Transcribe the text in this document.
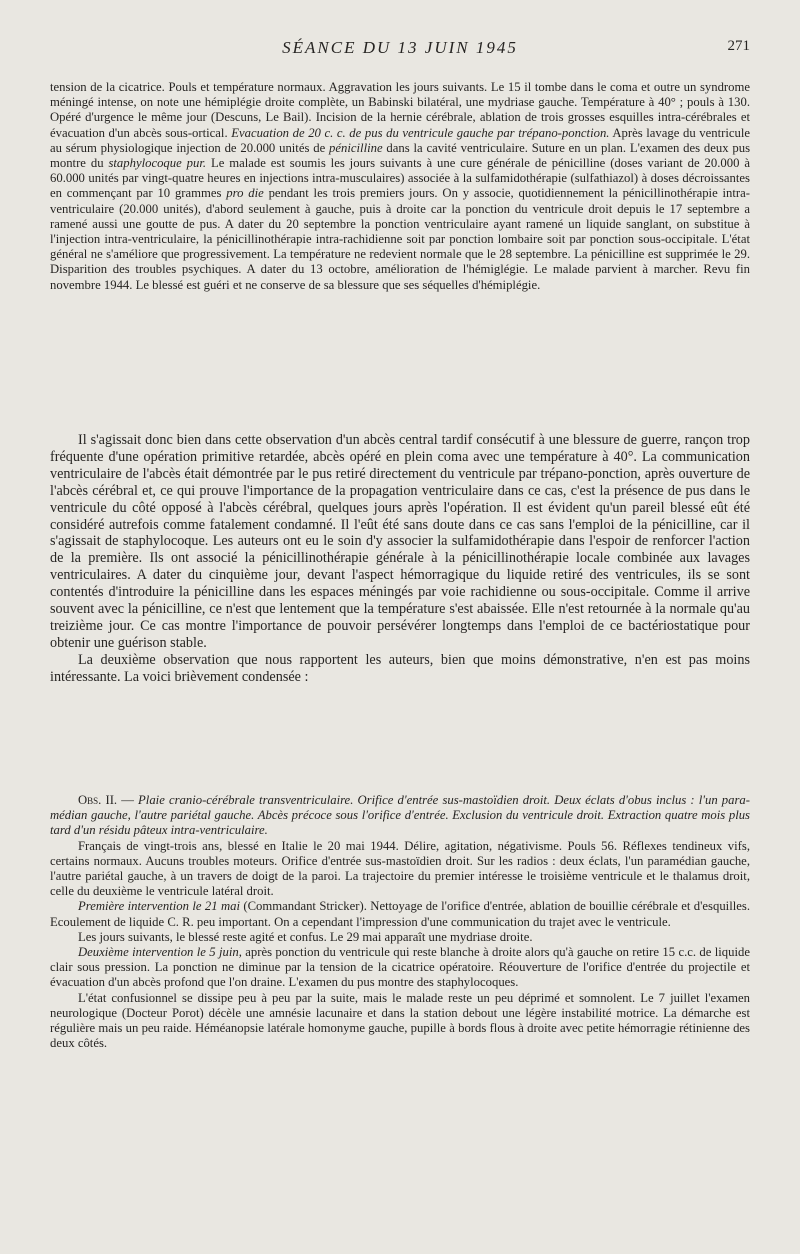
SÉANCE DU 13 JUIN 1945	271

tension de la cicatrice. Pouls et température normaux. Aggravation les jours suivants. Le 15 il tombe dans le coma et outre un syndrome méningé intense, on note une hémiplégie droite complète, un Babinski bilatéral, une mydriase gauche. Température à 40° ; pouls à 130. Opéré d'urgence le même jour (Descuns, Le Bail). Incision de la hernie cérébrale, ablation de trois grosses esquilles intra-cérébrales et évacuation d'un abcès sous-ortical. Evacuation de 20 c. c. de pus du ventricule gauche par trépano-ponction. Après lavage du ventricule au sérum physiologique injection de 20.000 unités de pénicilline dans la cavité ventriculaire. Suture en un plan. L'examen des deux pus montre du staphylocoque pur. Le malade est soumis les jours suivants à une cure générale de pénicilline (doses variant de 20.000 à 60.000 unités par vingt-quatre heures en injections intra-musculaires) associée à la sulfamidothérapie (sulfathiazol) à doses décroissantes en commençant par 10 grammes pro die pendant les trois premiers jours. On y associe, quotidiennement la pénicillinothérapie intra-ventriculaire (20.000 unités), d'abord seulement à gauche, puis à droite car la ponction du ventricule droit depuis le 17 septembre a ramené aussi une goutte de pus. A dater du 20 septembre la ponction ventriculaire ayant ramené un liquide sanglant, on substitue à l'injection intra-ventriculaire, la pénicillinothérapie intra-rachidienne soit par ponction lombaire soit par ponction sous-occipitale. L'état général ne s'améliore que progressivement. La température ne redevient normale que le 28 septembre. La pénicilline est supprimée le 29. Disparition des troubles psychiques. A dater du 13 octobre, amélioration de l'hémiglégie. Le malade parvient à marcher. Revu fin novembre 1944. Le blessé est guéri et ne conserve de sa blessure que ses séquelles d'hémiplégie.

Il s'agissait donc bien dans cette observation d'un abcès central tardif consécutif à une blessure de guerre, rançon trop fréquente d'une opération primitive retardée, abcès opéré en plein coma avec une température à 40°. La communication ventriculaire de l'abcès était démontrée par le pus retiré directement du ventricule par trépano-ponction, après ouverture de l'abcès cérébral et, ce qui prouve l'importance de la propagation ventriculaire dans ce cas, c'est la présence de pus dans le ventricule du côté opposé à l'abcès cérébral, quelques jours après l'opération. Il est évident qu'un pareil blessé eût été considéré autrefois comme fatalement condamné. Il l'eût été sans doute dans ce cas sans l'emploi de la pénicilline, car il s'agissait de staphylocoque. Les auteurs ont eu le soin d'y associer la sulfamidothérapie dans l'espoir de renforcer l'action de la première. Ils ont associé la pénicillinothérapie générale à la pénicillinothérapie locale combinée aux lavages ventriculaires. A dater du cinquième jour, devant l'aspect hémorragique du liquide retiré des ventricules, ils se sont contentés d'introduire la pénicilline dans les espaces méningés par voie rachidienne ou sous-occipitale. Comme il arrive souvent avec la pénicilline, ce n'est que lentement que la température s'est abaissée. Elle n'est retournée à la normale qu'au treizième jour. Ce cas montre l'importance de pouvoir persévérer longtemps dans l'emploi de ce bactériostatique pour obtenir une guérison stable.

La deuxième observation que nous rapportent les auteurs, bien que moins démonstrative, n'en est pas moins intéressante. La voici brièvement condensée :

Obs. II. — Plaie cranio-cérébrale transventriculaire. Orifice d'entrée sus-mastoïdien droit. Deux éclats d'obus inclus : l'un para-médian gauche, l'autre pariétal gauche. Abcès précoce sous l'orifice d'entrée. Exclusion du ventricule droit. Extraction quatre mois plus tard d'un résidu pâteux intra-ventriculaire.

Français de vingt-trois ans, blessé en Italie le 20 mai 1944. Délire, agitation, négativisme. Pouls 56. Réflexes tendineux vifs, certains normaux. Aucuns troubles moteurs. Orifice d'entrée sus-mastoïdien droit. Sur les radios : deux éclats, l'un paramédian gauche, l'autre pariétal gauche, à un travers de doigt de la paroi. La trajectoire du premier intéresse le troisième ventricule et le thalamus droit, celle du deuxième le ventricule latéral droit.

Première intervention le 21 mai (Commandant Stricker). Nettoyage de l'orifice d'entrée, ablation de bouillie cérébrale et d'esquilles. Ecoulement de liquide C. R. peu important. On a cependant l'impression d'une communication du trajet avec le ventricule.

Les jours suivants, le blessé reste agité et confus. Le 29 mai apparaît une mydriase droite.

Deuxième intervention le 5 juin, après ponction du ventricule qui reste blanche à droite alors qu'à gauche on retire 15 c.c. de liquide clair sous pression. La ponction ne diminue par la tension de la cicatrice opératoire. Réouverture de l'orifice d'entrée du projectile et évacuation d'un abcès profond que l'on draine. L'examen du pus montre des staphylocoques.

L'état confusionnel se dissipe peu à peu par la suite, mais le malade reste un peu déprimé et somnolent. Le 7 juillet l'examen neurologique (Docteur Porot) décèle une amnésie lacunaire et dans la station debout une légère instabilité motrice. La démarche est régulière mais un peu raide. Héméanopsie latérale homonyme gauche, pupille à bords flous à droite avec petite hémorragie rétinienne des deux côtés.
